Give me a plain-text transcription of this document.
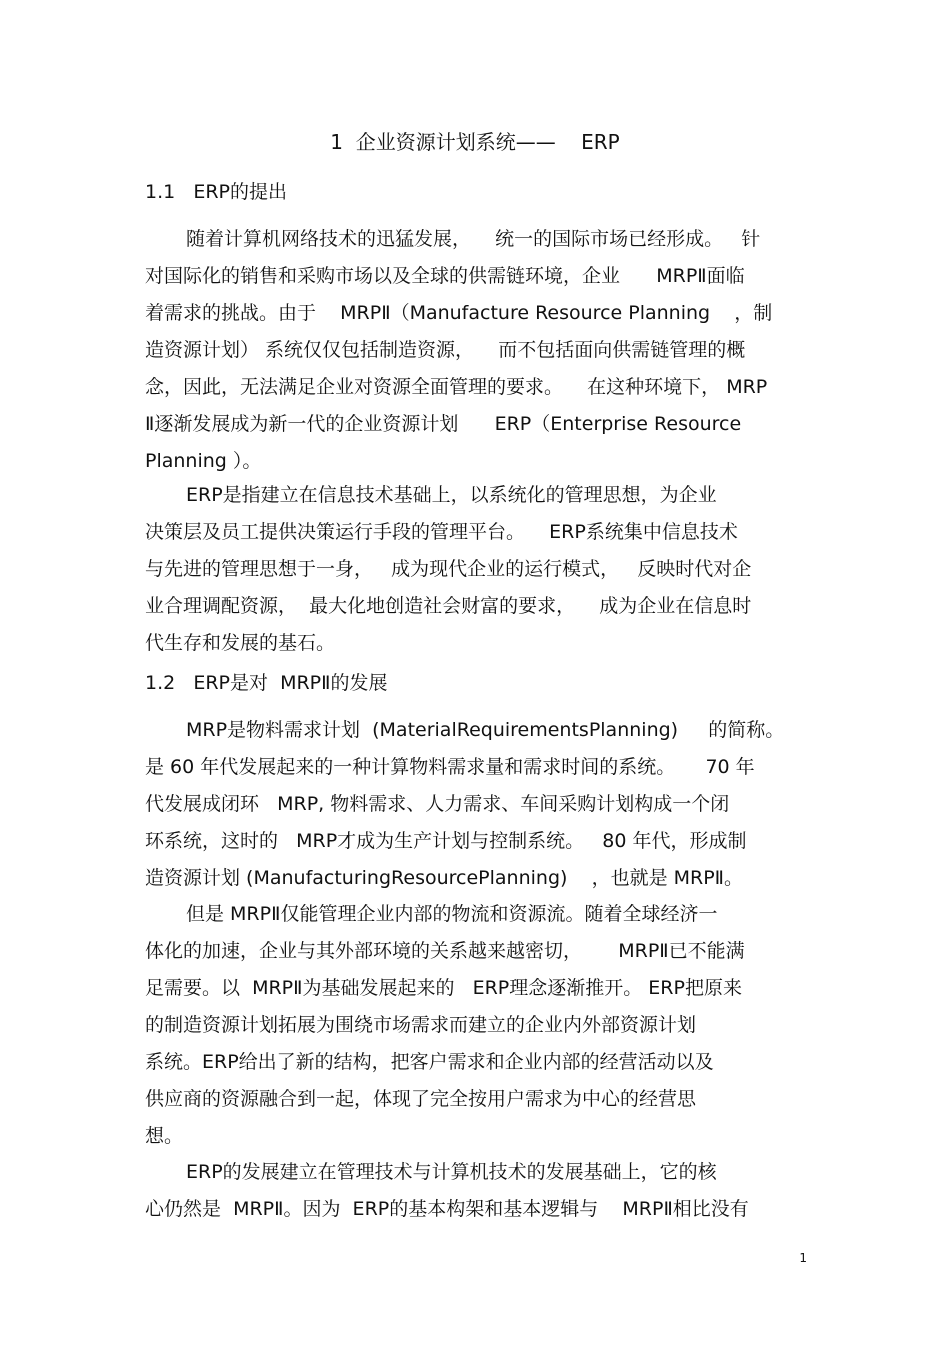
1  企业资源计划系统——    ERP
1.1   ERP的提出
随着计算机网络技术的迅猛发展，    统一的国际市场已经形成。   针
对国际化的销售和采购市场以及全球的供需链环境，企业      MRPⅡ面临
着需求的挑战。由于    MRPⅡ（Manufacture Resource Planning    ，制
造资源计划） 系统仅仅包括制造资源，    而不包括面向供需链管理的概
念，因此，无法满足企业对资源全面管理的要求。    在这种环境下， MRP
Ⅱ逐渐发展成为新一代的企业资源计划      ERP（Enterprise Resource
Planning ）。
ERP是指建立在信息技术基础上，以系统化的管理思想，为企业
决策层及员工提供决策运行手段的管理平台。    ERP系统集中信息技术
与先进的管理思想于一身，   成为现代企业的运行模式，   反映时代对企
业合理调配资源，  最大化地创造社会财富的要求，    成为企业在信息时
代生存和发展的基石。
1.2   ERP是对  MRPⅡ的发展
MRP是物料需求计划  (MaterialRequirementsPlanning)     的简称。
是 60 年代发展起来的一种计算物料需求量和需求时间的系统。     70 年
代发展成闭环   MRP, 物料需求、人力需求、车间采购计划构成一个闭
环系统，这时的   MRP才成为生产计划与控制系统。   80 年代，形成制
造资源计划 (ManufacturingResourcePlanning)    ，也就是 MRPⅡ。
但是 MRPⅡ仅能管理企业内部的物流和资源流。随着全球经济一
体化的加速，企业与其外部环境的关系越来越密切，      MRPⅡ已不能满
足需要。以  MRPⅡ为基础发展起来的   ERP理念逐渐推开。 ERP把原来
的制造资源计划拓展为围绕市场需求而建立的企业内外部资源计划
系统。ERP给出了新的结构，把客户需求和企业内部的经营活动以及
供应商的资源融合到一起，体现了完全按用户需求为中心的经营思
想。
ERP的发展建立在管理技术与计算机技术的发展基础上，它的核
心仍然是  MRPⅡ。因为  ERP的基本构架和基本逻辑与    MRPⅡ相比没有
1
